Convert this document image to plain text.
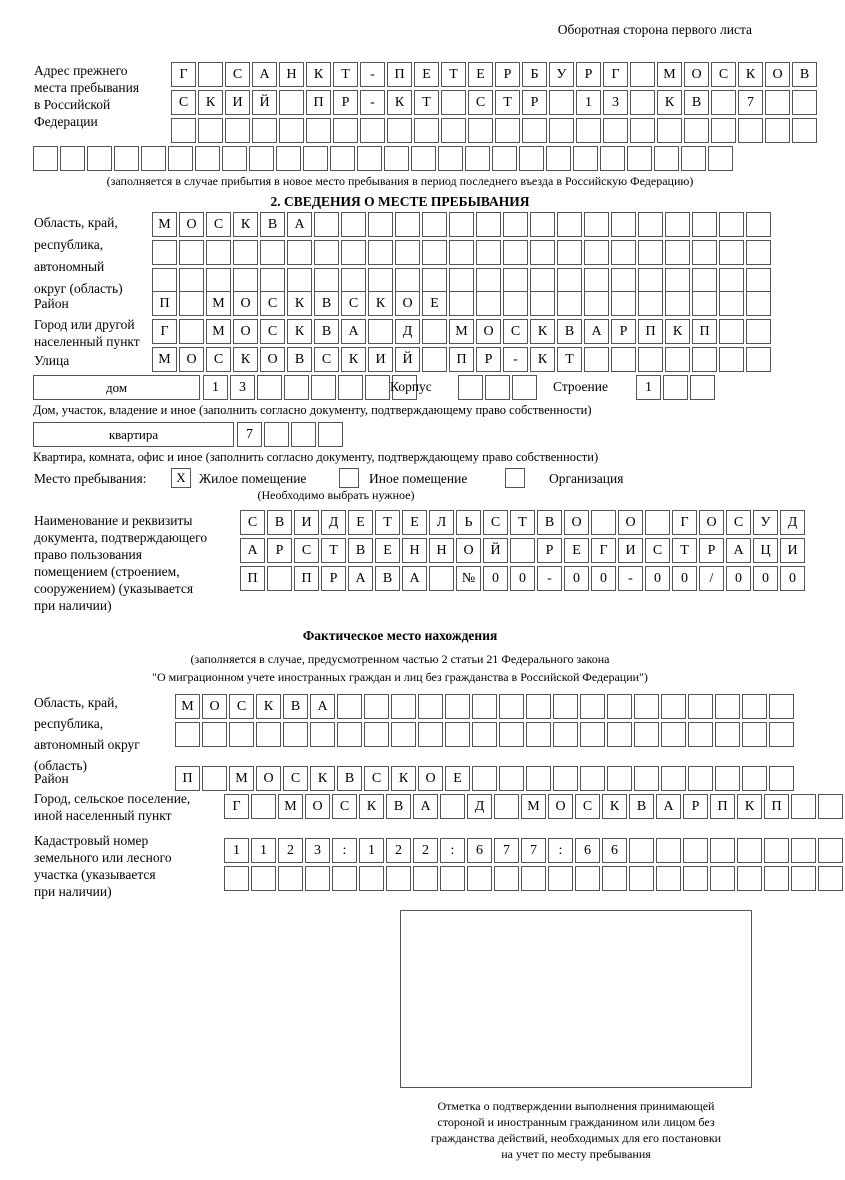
Оборотная сторона первого листа
Адрес прежнего
места пребывания
в Российской
Федерации
Г	С	А	Н	К	Т	-	П	Е	Т	Е	Р	Б	У	Р	Г	М	О	С	К	О	В
С	К	И	Й	П	Р	-	К	Т	С	Т	Р	1	3	К	В	7
(заполняется в случае прибытия в новое место пребывания в период последнего въезда в Российскую Федерацию)
2. СВЕДЕНИЯ О МЕСТЕ ПРЕБЫВАНИЯ
Область, край,
республика,
автономный
округ (область)
М	О	С	К	В	А
Район	П	М	О	С	К	В	С	К	О	Е
Город или другой
населенный пункт
Г	М	О	С	К	В	А	Д	М	О	С	К	В	А	Р	П	К	П
Улица	М	О	С	К	О	В	С	К	И	Й	П	Р	-	К	Т
дом	1	3	Корпус	Строение	1
Дом, участок, владение и иное (заполнить согласно документу, подтверждающему право собственности)
квартира	7
Квартира, комната, офис и иное (заполнить согласно документу, подтверждающему право собственности)
Место пребывания:	X Жилое помещение	Иное помещение	Организация
(Необходимо выбрать нужное)
Наименование и реквизиты
документа, подтверждающего
право пользования
помещением (строением,
сооружением) (указывается
при наличии)
С	В	И	Д	Е	Т	Е	Л	Ь	С	Т	В	О	О	Г	О	С	У	Д
А	Р	С	Т	В	Е	Н	Н	О	Й	Р	Е	Г	И	С	Т	Р	А	Ц	И
П	П	Р	А	В	А	№	0	0	-	0	0	-	0	0	/	0	0	0
Фактическое место нахождения
(заполняется в случае, предусмотренном частью 2 статьи 21 Федерального закона
"О миграционном учете иностранных граждан и лиц без гражданства в Российской Федерации")
Область, край,
республика,
автономный округ
(область)
М	О	С	К	В	А
Район	П	М	О	С	К	В	С	К	О	Е
Город, сельское поселение,
иной населенный пункт
Г	М	О	С	К	В	А	Д	М	О	С	К	В	А	Р	П	К	П
Кадастровый номер
земельного или лесного
участка (указывается
при наличии)
1	1	2	3	:	1	2	2	:	6	7	7	:	6	6
Отметка о подтверждении выполнения принимающей
стороной и иностранным гражданином или лицом без
гражданства действий, необходимых для его постановки
на учет по месту пребывания
